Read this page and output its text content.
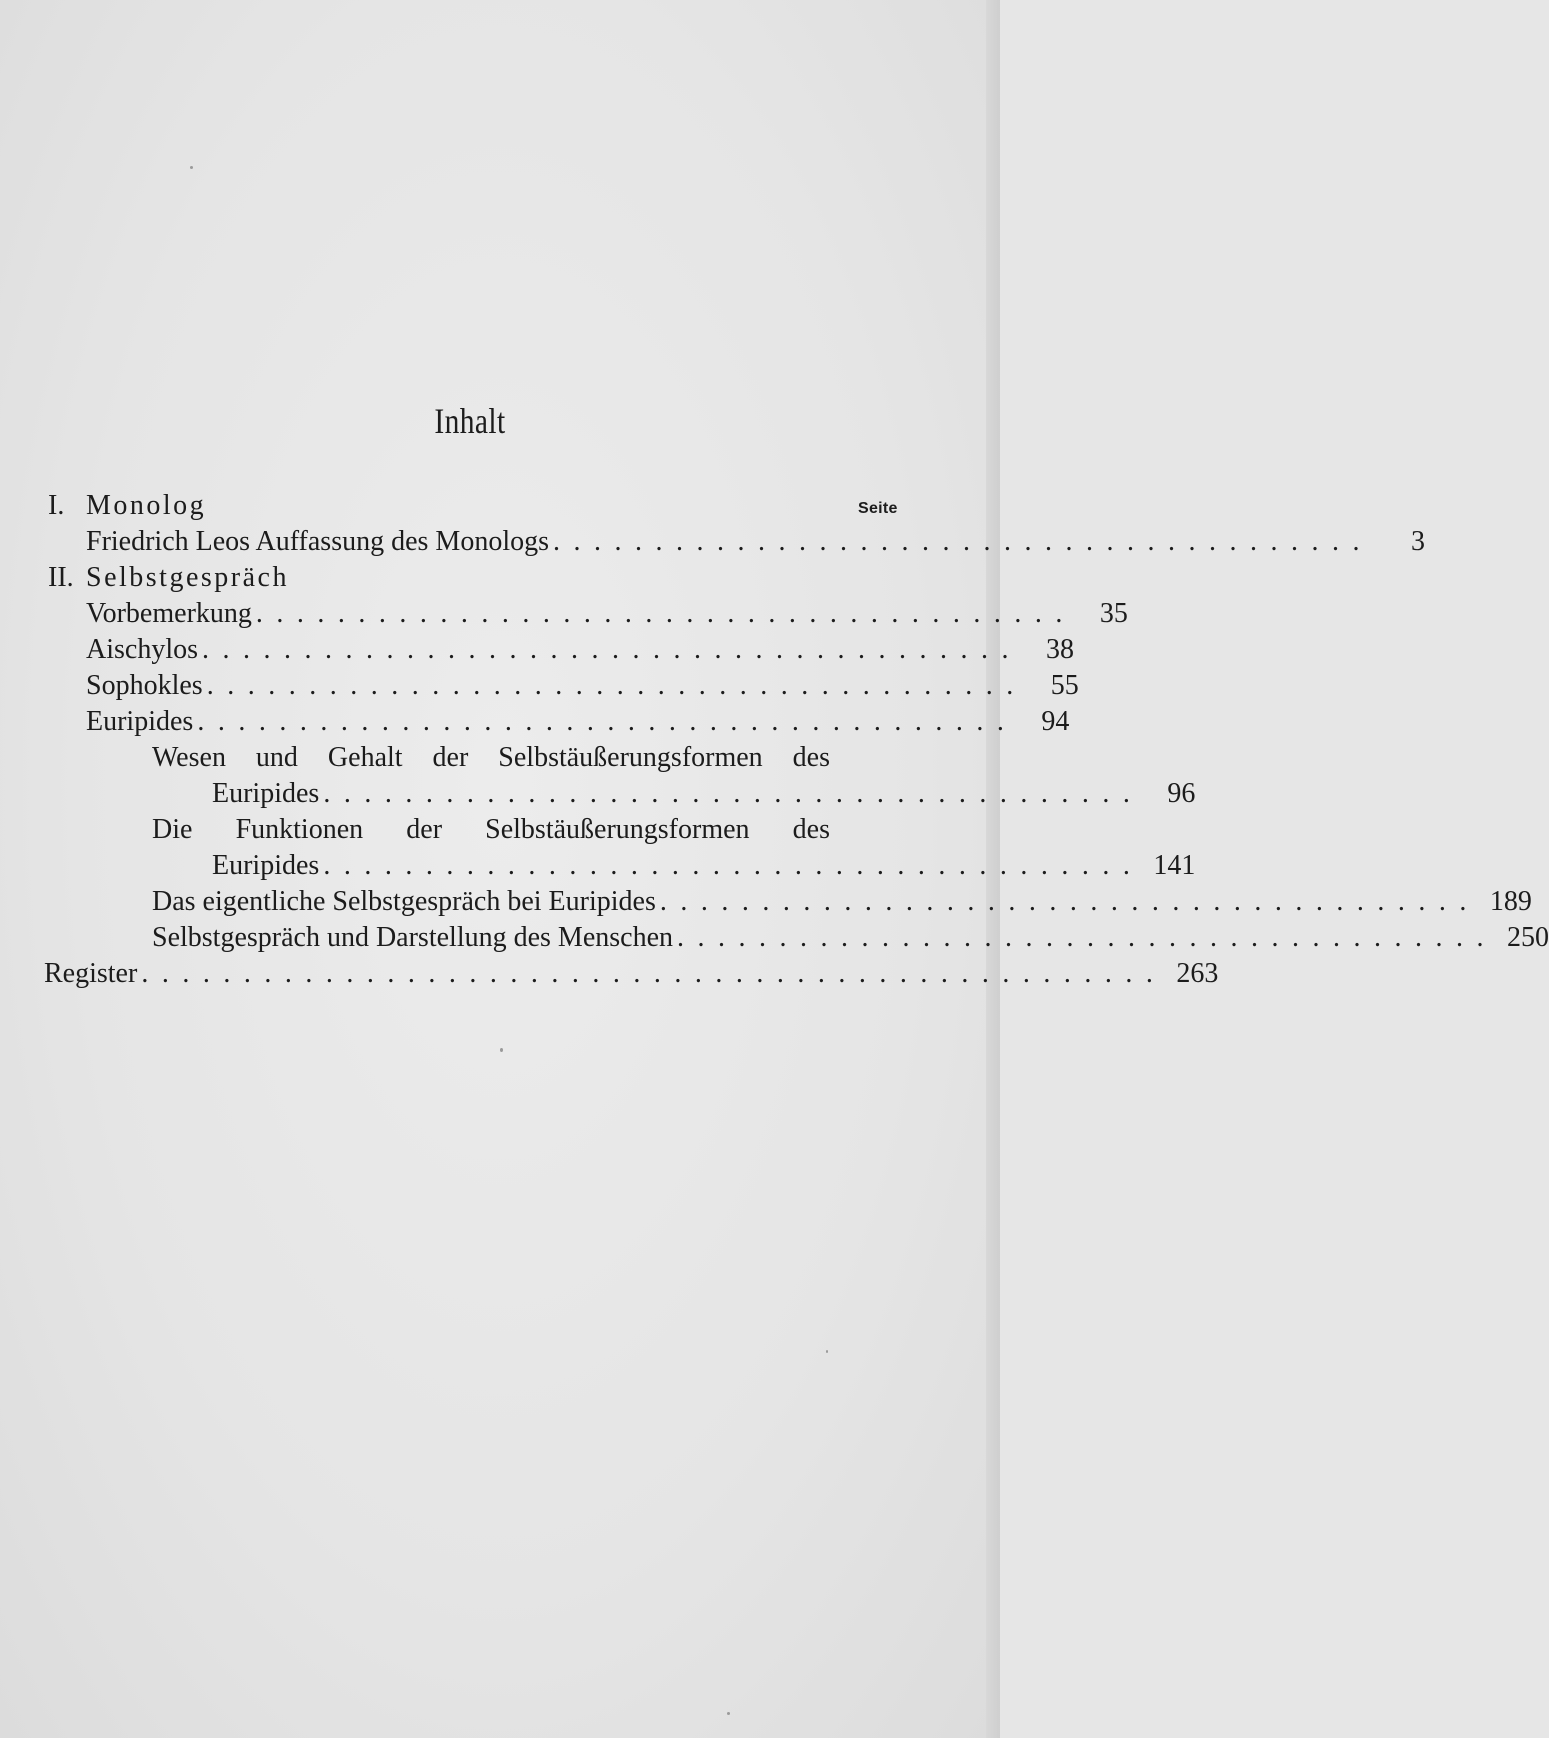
Inhalt
Seite
I. Monolog
Friedrich Leos Auffassung des Monologs ........................................	3
II. Selbstgespräch
Vorbemerkung ........................................ 35
Aischylos ........................................ 38
Sophokles ........................................ 55
Euripides ........................................ 94
Wesen und Gehalt der Selbstäußerungsformen des
Euripides ........................................ 96
Die Funktionen der Selbstäußerungsformen des
Euripides ........................................ 141
Das eigentliche Selbstgespräch bei Euripides ........................................ 189
Selbstgespräch und Darstellung des Menschen ........................................ 250
Register .................................................. 263
